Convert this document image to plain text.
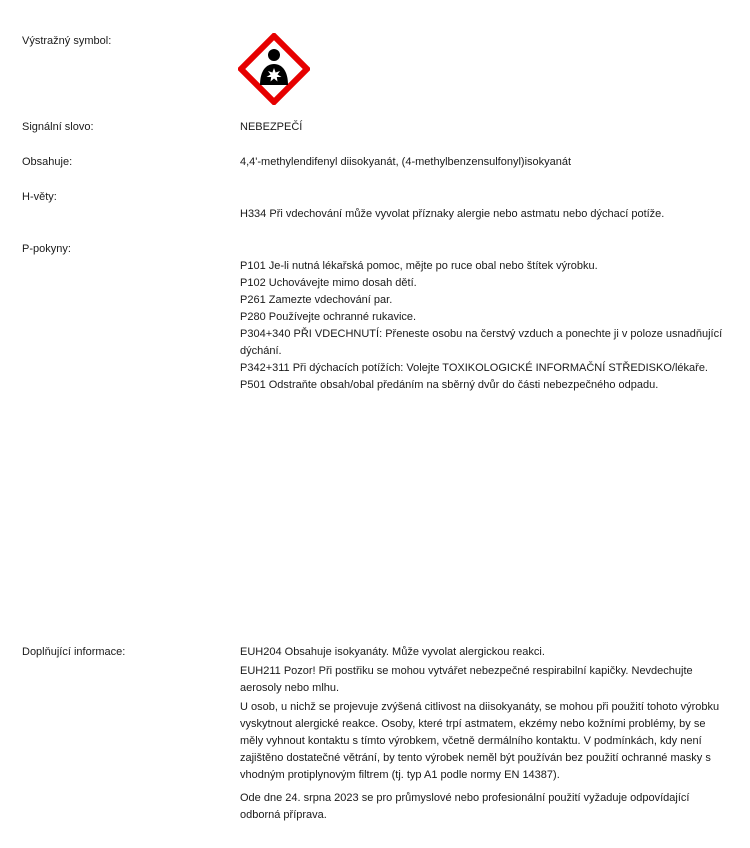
Výstražný symbol:
Signální slovo:	NEBEZPEČÍ
Obsahuje:	4,4'-methylendifenyl diisokyanát, (4-methylbenzensulfonyl)isokyanát
H-věty:
H334 Při vdechování může vyvolat příznaky alergie nebo astmatu nebo dýchací potíže.
P-pokyny:
P101 Je-li nutná lékařská pomoc, mějte po ruce obal nebo štítek výrobku.
P102 Uchovávejte mimo dosah dětí.
P261 Zamezte vdechování par.
P280 Používejte ochranné rukavice.
P304+340 PŘI VDECHNUTÍ: Přeneste osobu na čerstvý vzduch a ponechte ji v poloze usnadňující dýchání.
P342+311 Při dýchacích potížích: Volejte TOXIKOLOGICKÉ INFORMAČNÍ STŘEDISKO/lékaře.
P501 Odstraňte obsah/obal předáním na sběrný dvůr do části nebezpečného odpadu.
Doplňující informace:	EUH204 Obsahuje isokyanáty. Může vyvolat alergickou reakci.
EUH211 Pozor! Při postřiku se mohou vytvářet nebezpečné respirabilní kapičky. Nevdechujte aerosoly nebo mlhu.
U osob, u nichž se projevuje zvýšená citlivost na diisokyanáty, se mohou při použití tohoto výrobku vyskytnout alergické reakce. Osoby, které trpí astmatem, ekzémy nebo kožními problémy, by se měly vyhnout kontaktu s tímto výrobkem, včetně dermálního kontaktu. V podmínkách, kdy není zajištěno dostatečné větrání, by tento výrobek neměl být používán bez použití ochranné masky s vhodným protiplynovým filtrem (tj. typ A1 podle normy EN 14387).
Ode dne 24. srpna 2023 se pro průmyslové nebo profesionální použití vyžaduje odpovídající odborná příprava.
